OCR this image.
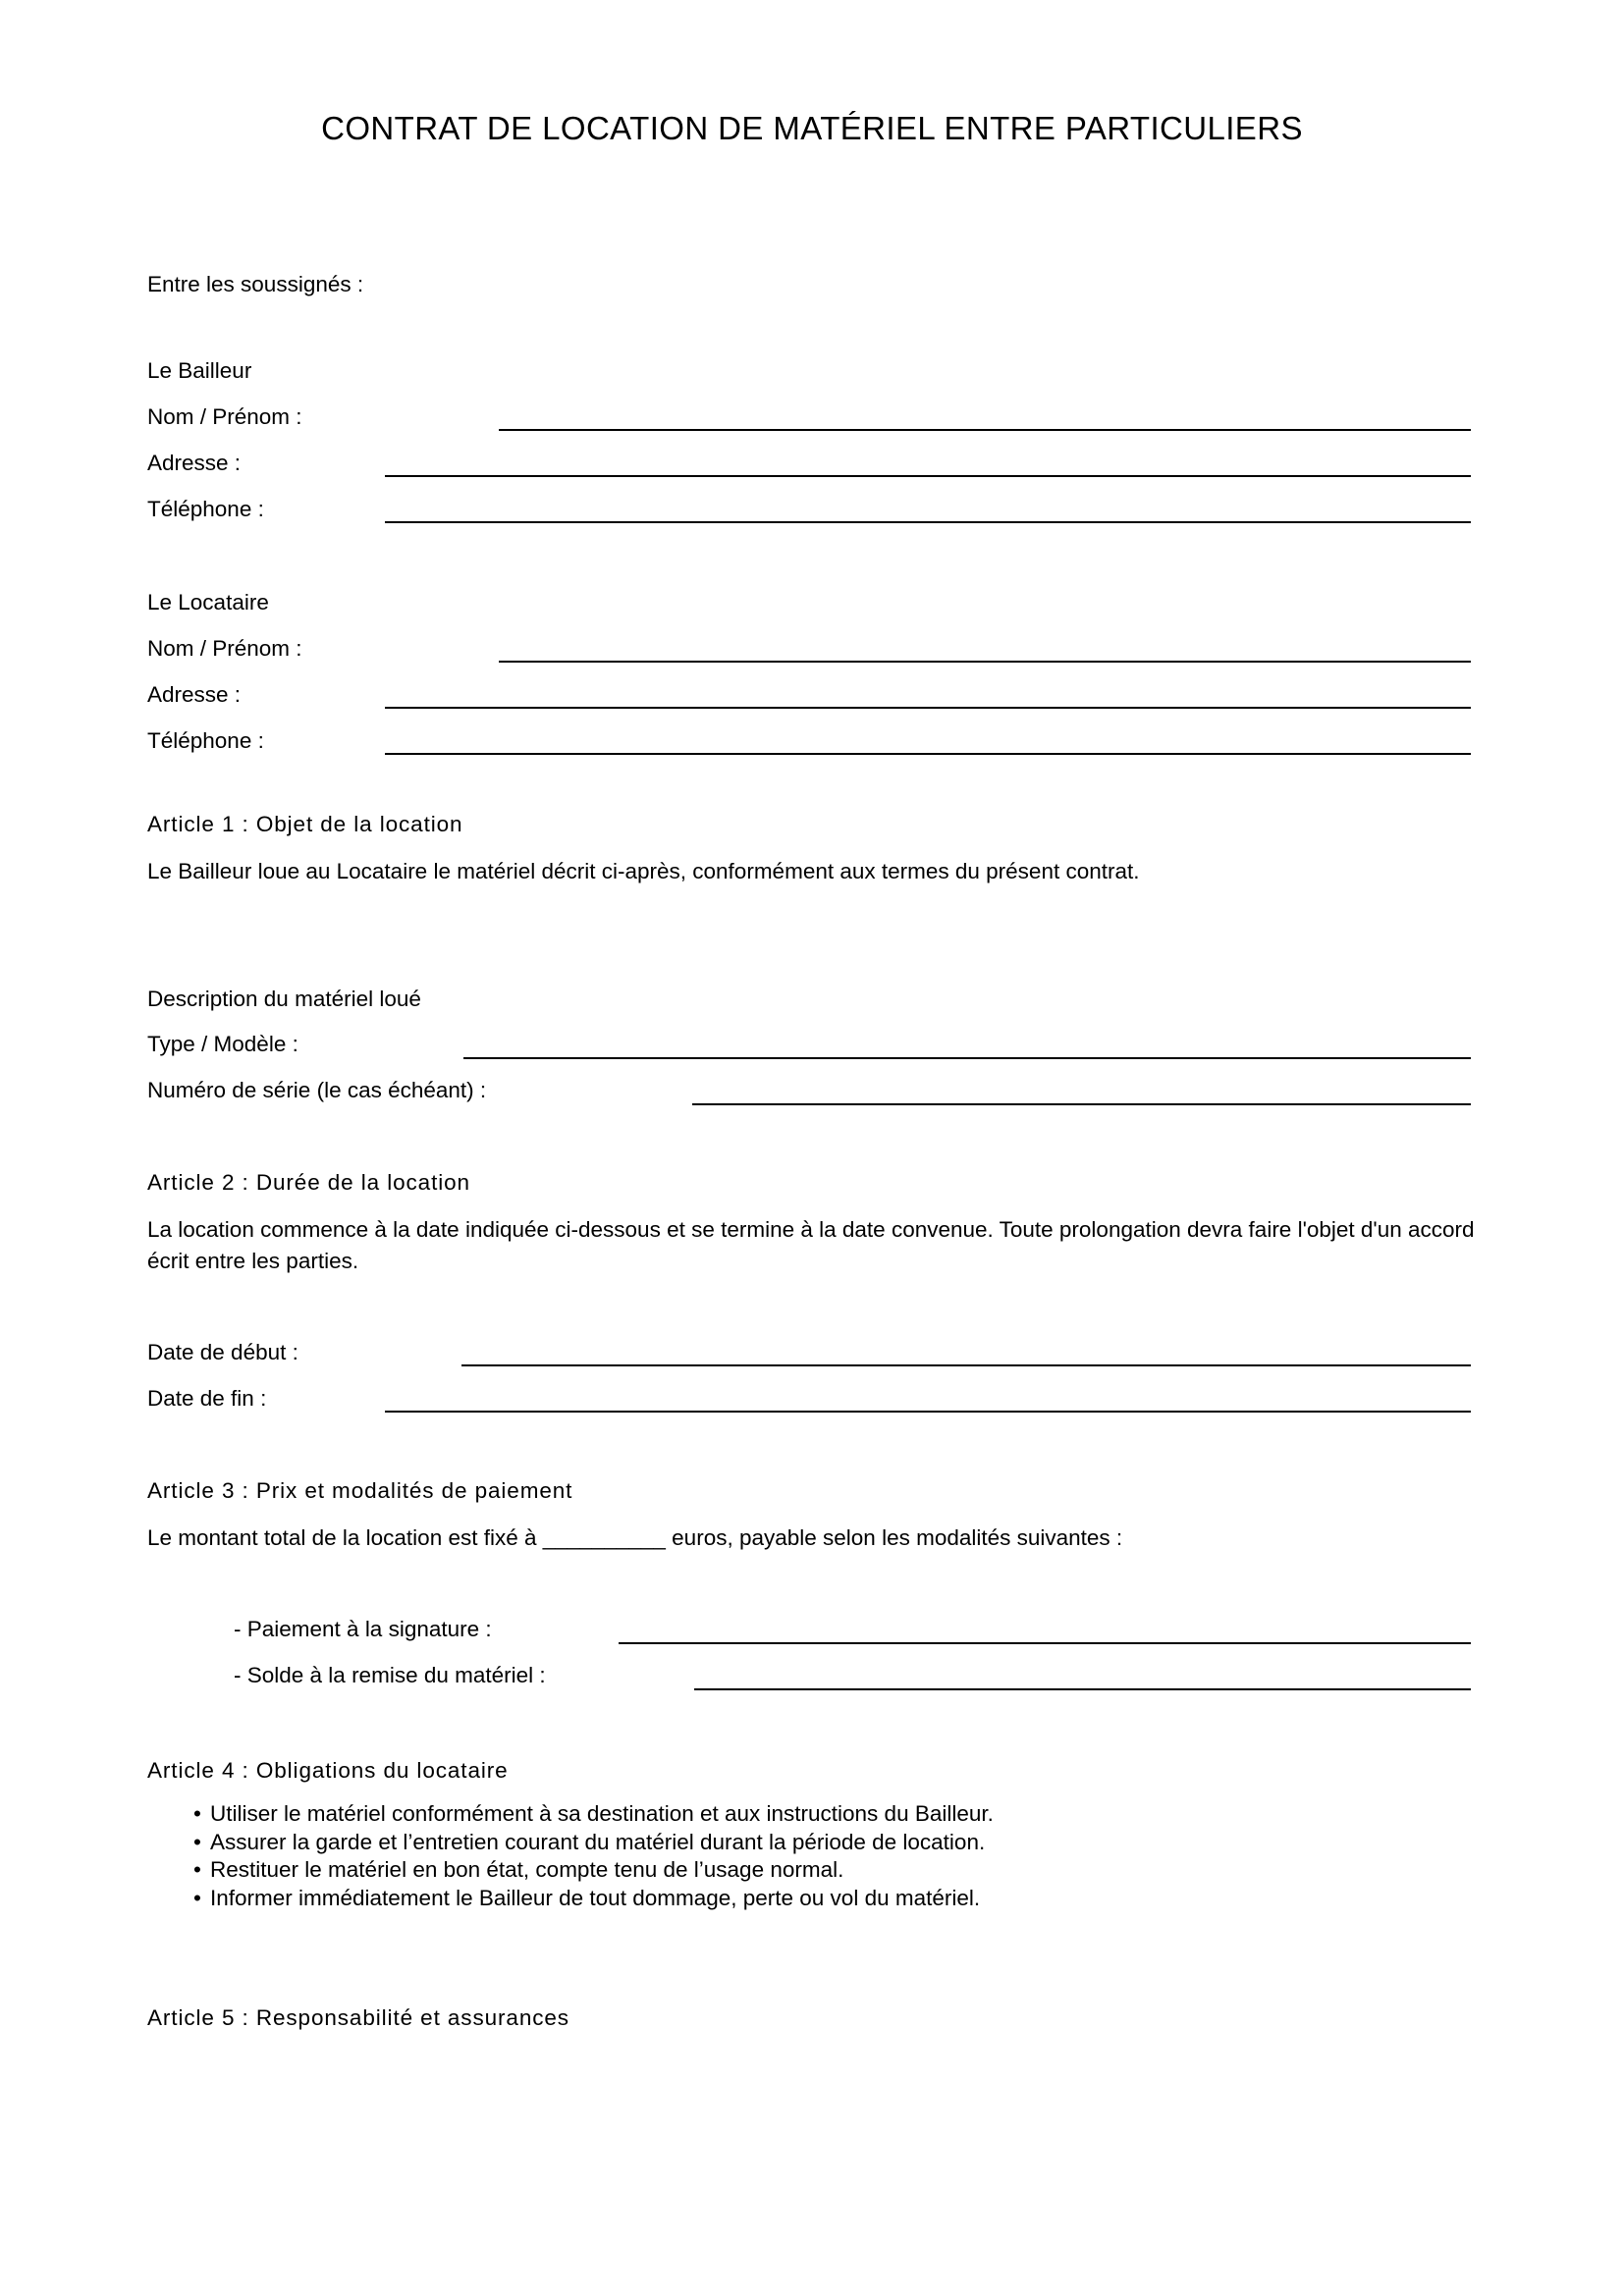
CONTRAT DE LOCATION DE MATÉRIEL ENTRE PARTICULIERS
Entre les soussignés :
Le Bailleur
Nom / Prénom :
Adresse :
Téléphone :
Le Locataire
Nom / Prénom :
Adresse :
Téléphone :
Article 1 : Objet de la location
Le Bailleur loue au Locataire le matériel décrit ci-après, conformément aux termes du présent contrat.
Description du matériel loué
Type / Modèle :
Numéro de série (le cas échéant) :
Article 2 : Durée de la location
La location commence à la date indiquée ci-dessous et se termine à la date convenue. Toute prolongation devra faire l'objet d'un accord écrit entre les parties.
Date de début :
Date de fin :
Article 3 : Prix et modalités de paiement
Le montant total de la location est fixé à __________ euros, payable selon les modalités suivantes :
- Paiement à la signature :
- Solde à la remise du matériel :
Article 4 : Obligations du locataire
• Utiliser le matériel conformément à sa destination et aux instructions du Bailleur.
• Assurer la garde et l’entretien courant du matériel durant la période de location.
• Restituer le matériel en bon état, compte tenu de l’usage normal.
• Informer immédiatement le Bailleur de tout dommage, perte ou vol du matériel.
Article 5 : Responsabilité et assurances
